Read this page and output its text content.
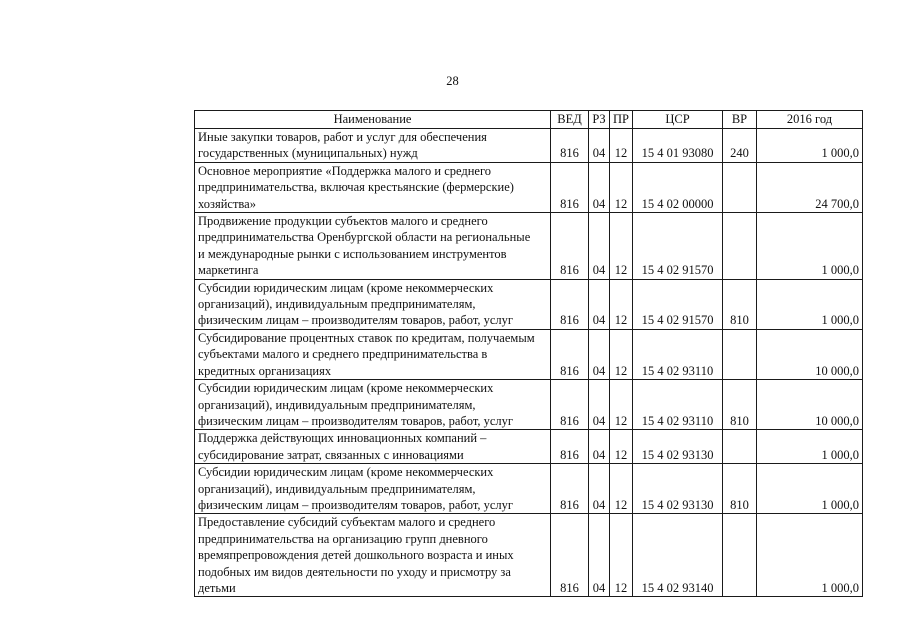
28
Наименование	ВЕД	РЗ	ПР	ЦСР	ВР	2016 год

Иные закупки товаров, работ и услуг для обеспечения
государственных (муниципальных) нужд	816	04	12	15 4 01 93080	240	1 000,0

Основное мероприятие «Поддержка малого и среднего
предпринимательства, включая крестьянские (фермерские)
хозяйства»	816	04	12	15 4 02 00000		24 700,0

Продвижение продукции субъектов малого и среднего
предпринимательства Оренбургской области на региональные
и международные рынки с использованием инструментов
маркетинга	816	04	12	15 4 02 91570		1 000,0

Субсидии юридическим лицам (кроме некоммерческих
организаций), индивидуальным предпринимателям,
физическим лицам – производителям товаров, работ, услуг	816	04	12	15 4 02 91570	810	1 000,0

Субсидирование процентных ставок по кредитам, получаемым
субъектами малого и среднего предпринимательства в
кредитных организациях	816	04	12	15 4 02 93110		10 000,0

Субсидии юридическим лицам (кроме некоммерческих
организаций), индивидуальным предпринимателям,
физическим лицам – производителям товаров, работ, услуг	816	04	12	15 4 02 93110	810	10 000,0

Поддержка действующих инновационных компаний –
субсидирование затрат, связанных с инновациями	816	04	12	15 4 02 93130		1 000,0

Субсидии юридическим лицам (кроме некоммерческих
организаций), индивидуальным предпринимателям,
физическим лицам – производителям товаров, работ, услуг	816	04	12	15 4 02 93130	810	1 000,0

Предоставление субсидий субъектам малого и среднего
предпринимательства на организацию групп дневного
времяпрепровождения детей дошкольного возраста и иных
подобных им видов деятельности по уходу и присмотру за
детьми	816	04	12	15 4 02 93140		1 000,0
